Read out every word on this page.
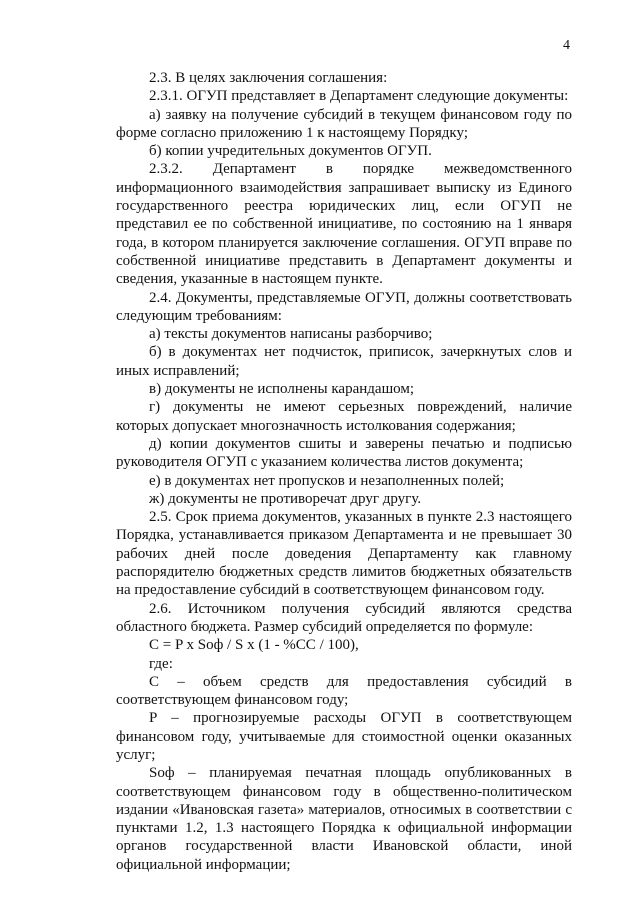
4

2.3. В целях заключения соглашения:

2.3.1. ОГУП представляет в Департамент следующие документы:

а) заявку на получение субсидий в текущем финансовом году по форме согласно приложению 1 к настоящему Порядку;

б) копии учредительных документов ОГУП.

2.3.2. Департамент в порядке межведомственного информационного взаимодействия запрашивает выписку из Единого государственного реестра юридических лиц, если ОГУП не представил ее по собственной инициативе, по состоянию на 1 января года, в котором планируется заключение соглашения. ОГУП вправе по собственной инициативе представить в Департамент документы и сведения, указанные в настоящем пункте.

2.4. Документы, представляемые ОГУП, должны соответствовать следующим требованиям:

а) тексты документов написаны разборчиво;

б) в документах нет подчисток, приписок, зачеркнутых слов и иных исправлений;

в) документы не исполнены карандашом;

г) документы не имеют серьезных повреждений, наличие которых допускает многозначность истолкования содержания;

д) копии документов сшиты и заверены печатью и подписью руководителя ОГУП с указанием количества листов документа;

е) в документах нет пропусков и незаполненных полей;

ж) документы не противоречат друг другу.

2.5. Срок приема документов, указанных в пункте 2.3 настоящего Порядка, устанавливается приказом Департамента и не превышает 30 рабочих дней после доведения Департаменту как главному распорядителю бюджетных средств лимитов бюджетных обязательств на предоставление субсидий в соответствующем финансовом году.

2.6. Источником получения субсидий являются средства областного бюджета. Размер субсидий определяется по формуле:

C = P x Sоф / S x (1 - %CC / 100),

где:

C – объем средств для предоставления субсидий в соответствующем финансовом году;

P – прогнозируемые расходы ОГУП в соответствующем финансовом году, учитываемые для стоимостной оценки оказанных услуг;

Sоф – планируемая печатная площадь опубликованных в соответствующем финансовом году в общественно-политическом издании «Ивановская газета» материалов, относимых в соответствии с пунктами 1.2, 1.3 настоящего Порядка к официальной информации органов государственной власти Ивановской области, иной официальной информации;
